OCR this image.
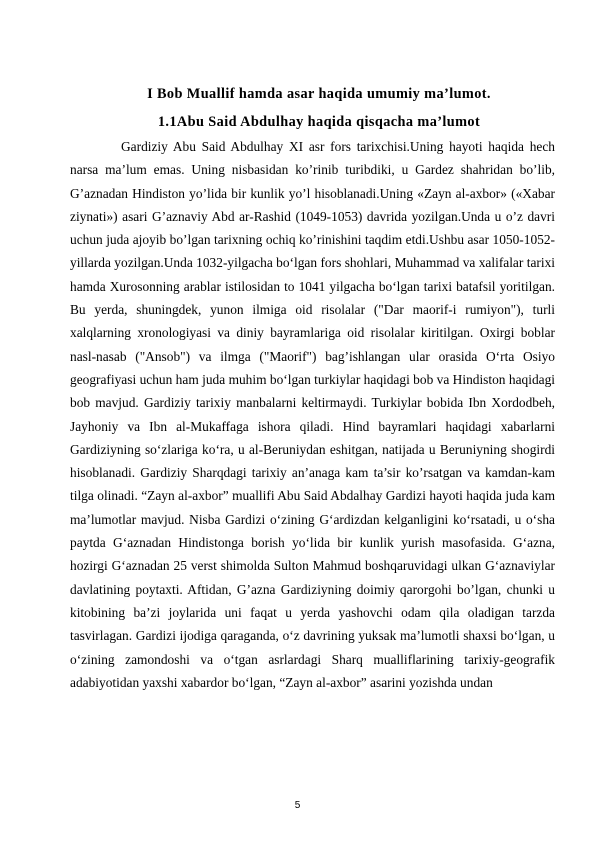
I Bob Muallif hamda asar haqida umumiy ma’lumot.
1.1Abu Said Abdulhay haqida qisqacha ma’lumot

Gardiziy Abu Said Abdulhay XI asr fors tarixchisi.Uning hayoti haqida hech narsa ma’lum emas. Uning nisbasidan ko’rinib turibdiki, u Gardez shahridan bo’lib, G’aznadan Hindiston yo’lida bir kunlik yo’l hisoblanadi.Uning «Zayn al-axbor» («Xabar ziynati») asari G’aznaviy Abd ar-Rashid (1049-1053) davrida yozilgan.Unda u o’z davri uchun juda ajoyib bo’lgan tarixning ochiq ko’rinishini taqdim etdi.Ushbu asar 1050-1052-yillarda yozilgan.Unda 1032-yilgacha bo‘lgan fors shohlari, Muhammad va xalifalar tarixi hamda Xurosonning arablar istilosidan to 1041 yilgacha bo‘lgan tarixi batafsil yoritilgan. Bu yerda, shuningdek, yunon ilmiga oid risolalar ("Dar maorif-i rumiyon"), turli xalqlarning xronologiyasi va diniy bayramlariga oid risolalar kiritilgan. Oxirgi boblar nasl-nasab ("Ansob") va ilmga ("Maorif") bag’ishlangan ular orasida O‘rta Osiyo geografiyasi uchun ham juda muhim bo‘lgan turkiylar haqidagi bob va Hindiston haqidagi bob mavjud. Gardiziy tarixiy manbalarni keltirmaydi. Turkiylar bobida Ibn Xordodbeh, Jayhoniy va Ibn al-Mukaffaga ishora qiladi. Hind bayramlari haqidagi xabarlarni Gardiziyning so‘zlariga ko‘ra, u al-Beruniydan eshitgan, natijada u Beruniyning shogirdi hisoblanadi. Gardiziy Sharqdagi tarixiy an’anaga kam ta’sir ko’rsatgan va kamdan-kam tilga olinadi. “Zayn al-axbor” muallifi Abu Said Abdalhay Gardizi hayoti haqida juda kam ma’lumotlar mavjud. Nisba Gardizi o‘zining G‘ardizdan kelganligini ko‘rsatadi, u o‘sha paytda G‘aznadan Hindistonga borish yo‘lida bir kunlik yurish masofasida. G‘azna, hozirgi G‘aznadan 25 verst shimolda Sulton Mahmud boshqaruvidagi ulkan G‘aznaviylar davlatining poytaxti. Aftidan, G’azna Gardiziyning doimiy qarorgohi bo’lgan, chunki u kitobining ba’zi joylarida uni faqat u yerda yashovchi odam qila oladigan tarzda tasvirlagan. Gardizi ijodiga qaraganda, o‘z davrining yuksak ma’lumotli shaxsi bo‘lgan, u o‘zining zamondoshi va o‘tgan asrlardagi Sharq mualliflarining tarixiy-geografik adabiyotidan yaxshi xabardor bo‘lgan, “Zayn al-axbor” asarini yozishda undan

5
